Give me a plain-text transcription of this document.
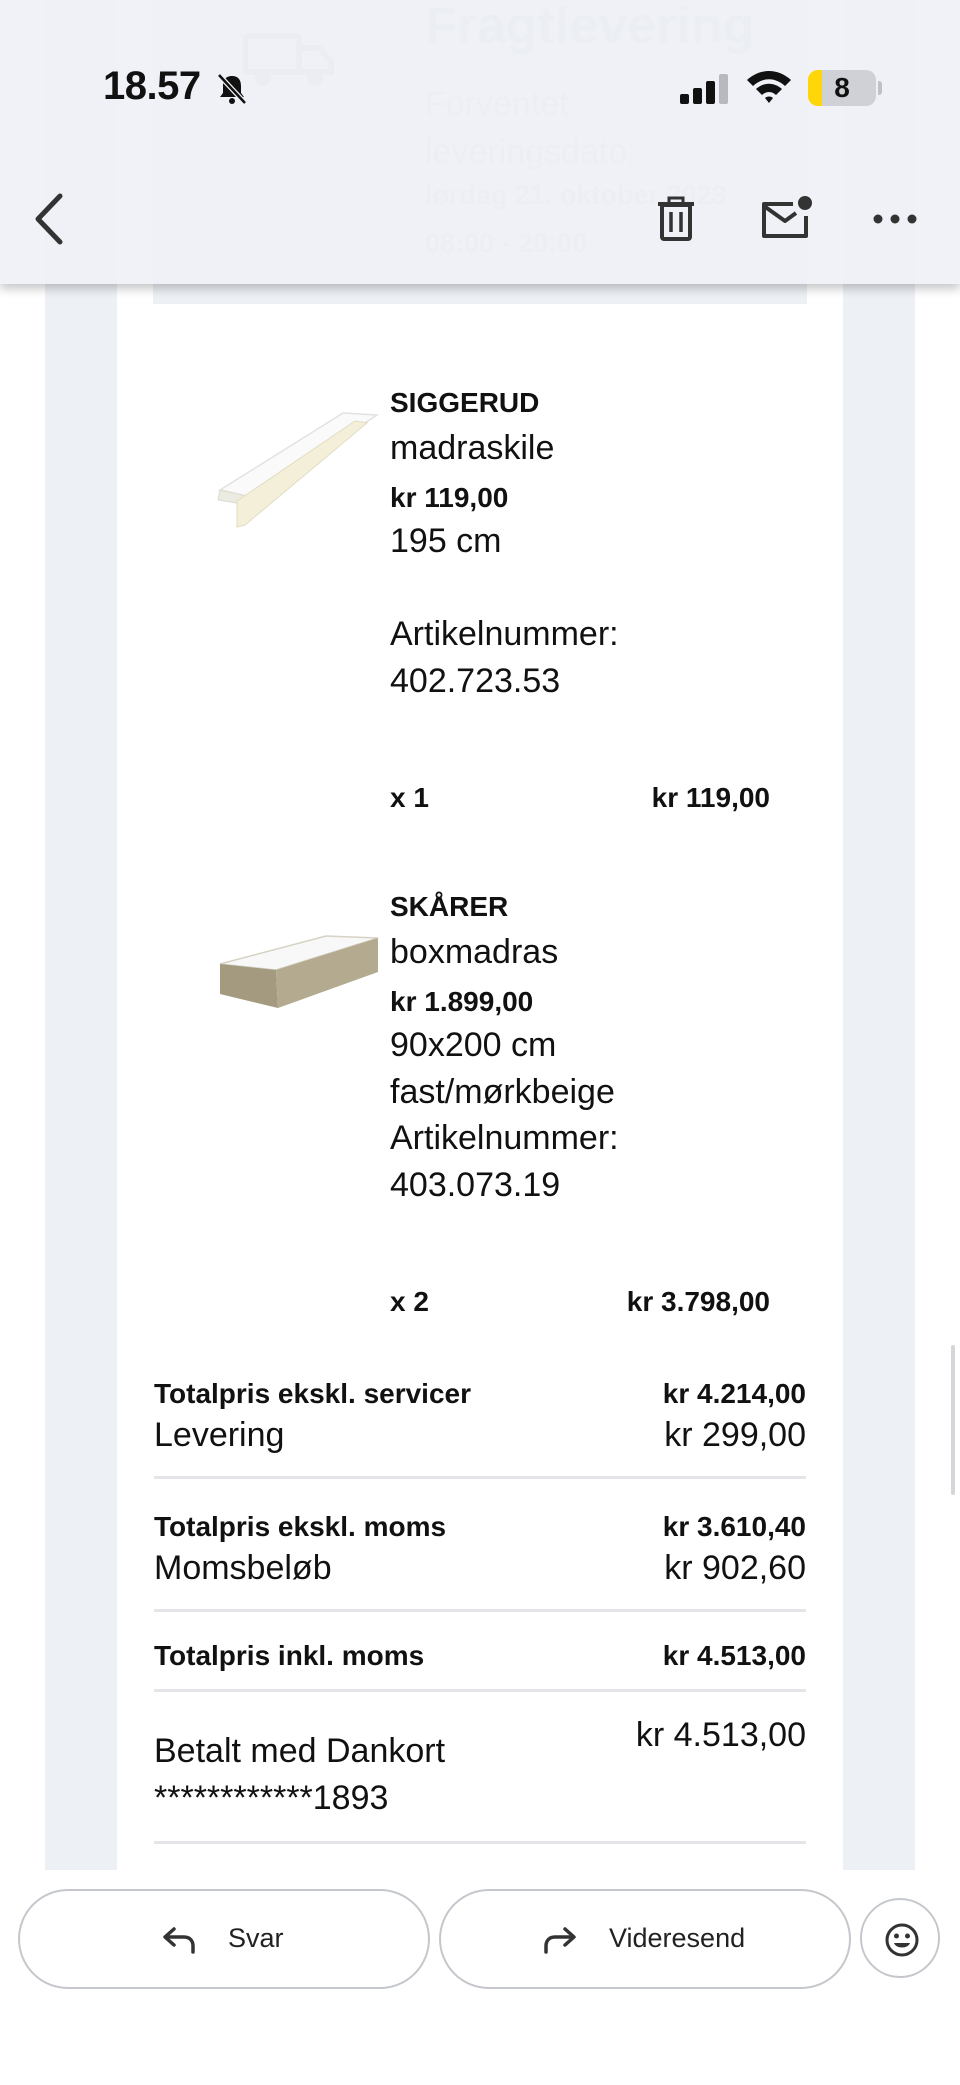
SIGGERUD
madraskile
kr 119,00
195 cm
Artikelnummer:
402.723.53
x 1	kr 119,00
SKÅRER
boxmadras
kr 1.899,00
90x200 cm
fast/mørkbeige
Artikelnummer:
403.073.19
x 2	kr 3.798,00
Totalpris ekskl. servicer	kr 4.214,00
Levering	kr 299,00
Totalpris ekskl. moms	kr 3.610,40
Momsbeløb	kr 902,60
Totalpris inkl. moms	kr 4.513,00
Betalt med Dankort
************1893
kr 4.513,00
18.57	8
Svar	Videresend
